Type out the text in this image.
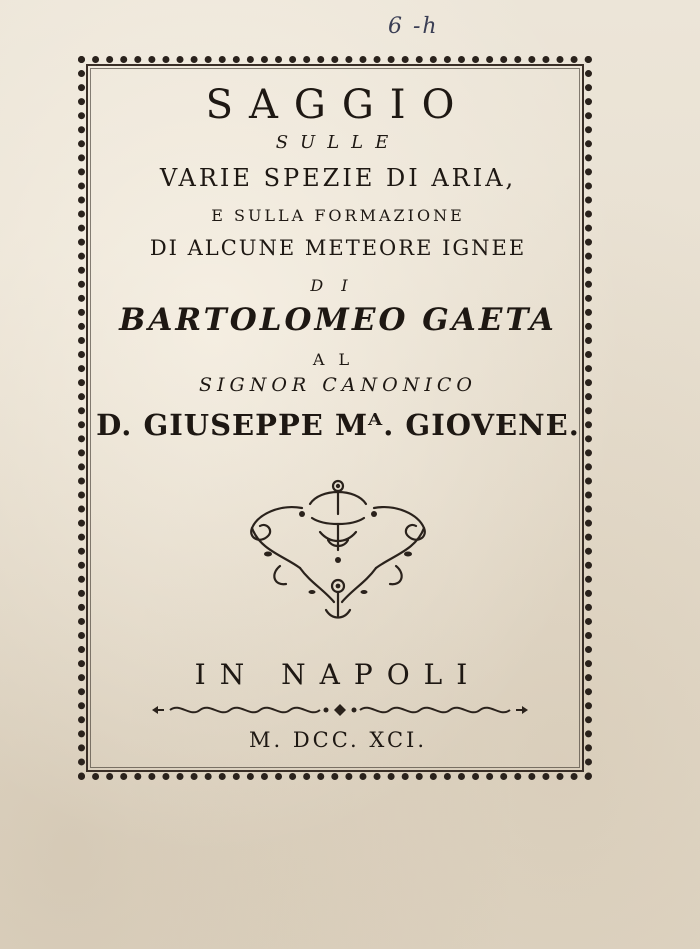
6 -h
SAGGIO
SULLE
VARIE SPEZIE DI ARIA,
E SULLA FORMAZIONE
DI ALCUNE METEORE IGNEE
DI
BARTOLOMEO GAETA
AL
SIGNOR CANONICO
D. GIUSEPPE Mᴬ. GIOVENE.
IN NAPOLI
M. DCC. XCI.
